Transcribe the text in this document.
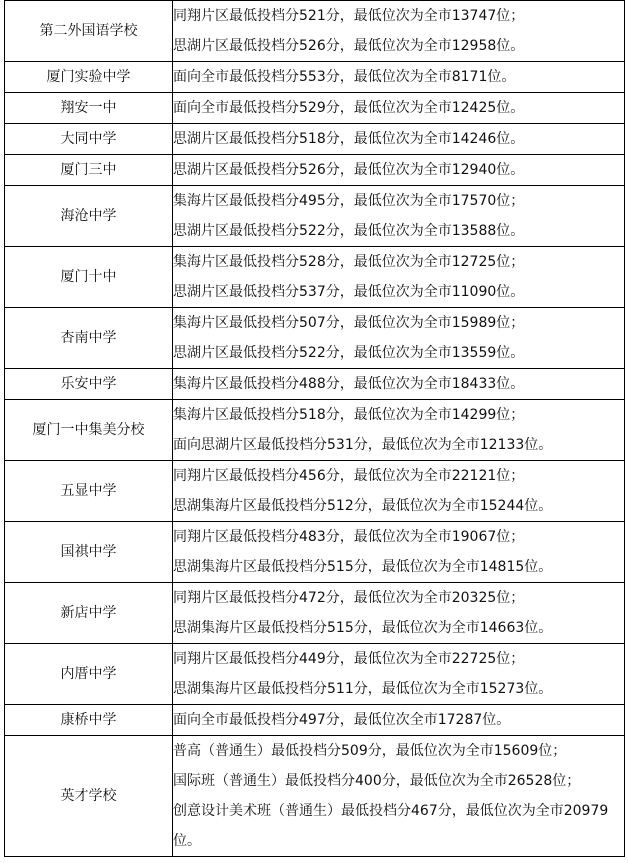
第二外国语学校	同翔片区最低投档分521分，最低位次为全市13747位；
思湖片区最低投档分526分，最低位次为全市12958位。

厦门实验中学	面向全市最低投档分553分，最低位次为全市8171位。

翔安一中	面向全市最低投档分529分，最低位次为全市12425位。

大同中学	思湖片区最低投档分518分，最低位次为全市14246位。

厦门三中	思湖片区最低投档分526分，最低位次为全市12940位。

海沧中学	集海片区最低投档分495分，最低位次为全市17570位；
思湖片区最低投档分522分，最低位次为全市13588位。

厦门十中	集海片区最低投档分528分，最低位次为全市12725位；
思湖片区最低投档分537分，最低位次为全市11090位。

杏南中学	集海片区最低投档分507分，最低位次为全市15989位；
思湖片区最低投档分522分，最低位次为全市13559位。

乐安中学	集海片区最低投档分488分，最低位次为全市18433位。

厦门一中集美分校	集海片区最低投档分518分，最低位次为全市14299位；
面向思湖片区最低投档分531分，最低位次为全市12133位。

五显中学	同翔片区最低投档分456分，最低位次为全市22121位；
思湖集海片区最低投档分512分，最低位次为全市15244位。

国祺中学	同翔片区最低投档分483分，最低位次为全市19067位；
思湖集海片区最低投档分515分，最低位次为全市14815位。

新店中学	同翔片区最低投档分472分，最低位次为全市20325位；
思湖集海片区最低投档分515分，最低位次为全市14663位。

内厝中学	同翔片区最低投档分449分，最低位次为全市22725位；
思湖集海片区最低投档分511分，最低位次为全市15273位。

康桥中学	面向全市最低投档分497分，最低位次全市17287位。

英才学校	普高（普通生）最低投档分509分，最低位次为全市15609位；
国际班（普通生）最低投档分400分，最低位次为全市26528位；
创意设计美术班（普通生）最低投档分467分，最低位次为全市20979位。
